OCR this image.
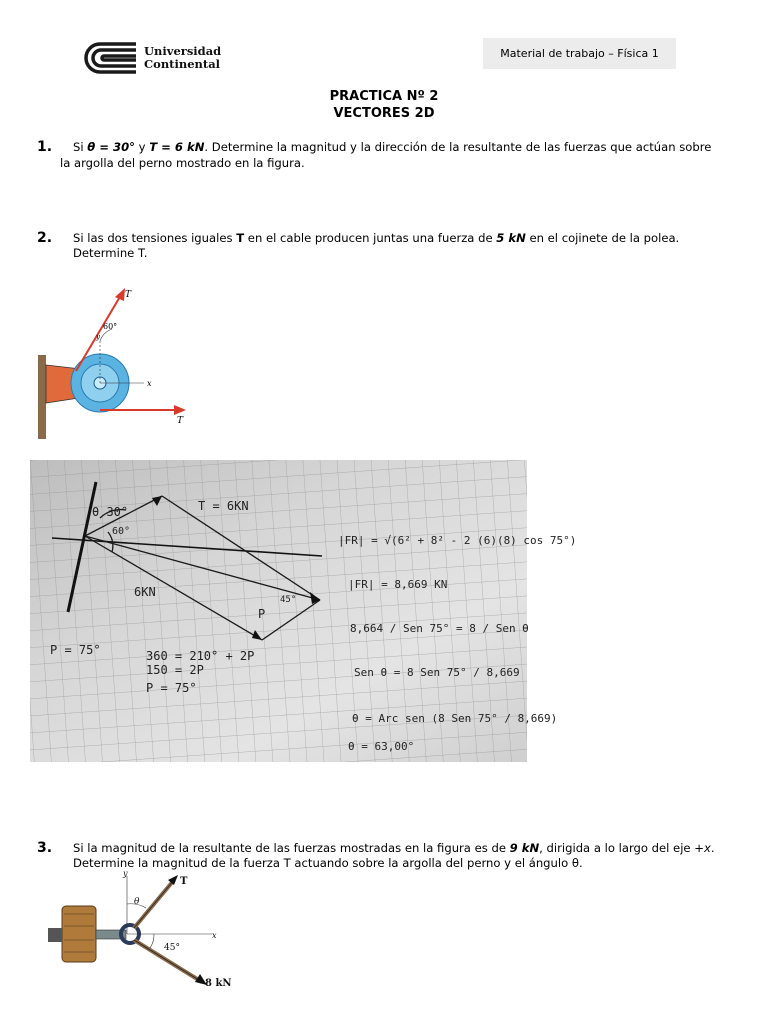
Universidad
Continental
Material de trabajo – Física 1
PRACTICA Nº 2
VECTORES 2D
1. Si θ = 30° y T = 6 kN. Determine la magnitud y la dirección de la resultante de las fuerzas que actúan sobre
la argolla del perno mostrado en la figura.
2. Si las dos tensiones iguales T en el cable producen juntas una fuerza de 5 kN en el cojinete de la polea.
Determine T.
60°
T
T
x
y
θ 30°	T = 6KN
60°
6KN
P
45°
|FR| = √(6² + 8² - 2 (6)(8) cos 75°)
|FR| = 8,669 KN
8,664 / Sen 75° = 8 / Sen θ
Sen θ = 8 Sen 75° / 8,669
θ = Arc sen (8 Sen 75° / 8,669)
θ = 63,00°
P = 75°	360 = 210° + 2P
150 = 2P
P = 75°
3. Si la magnitud de la resultante de las fuerzas mostradas en la figura es de 9 kN, dirigida a lo largo del eje +x.
Determine la magnitud de la fuerza T actuando sobre la argolla del perno y el ángulo θ.
T
θ
45°
8 kN
x
y
